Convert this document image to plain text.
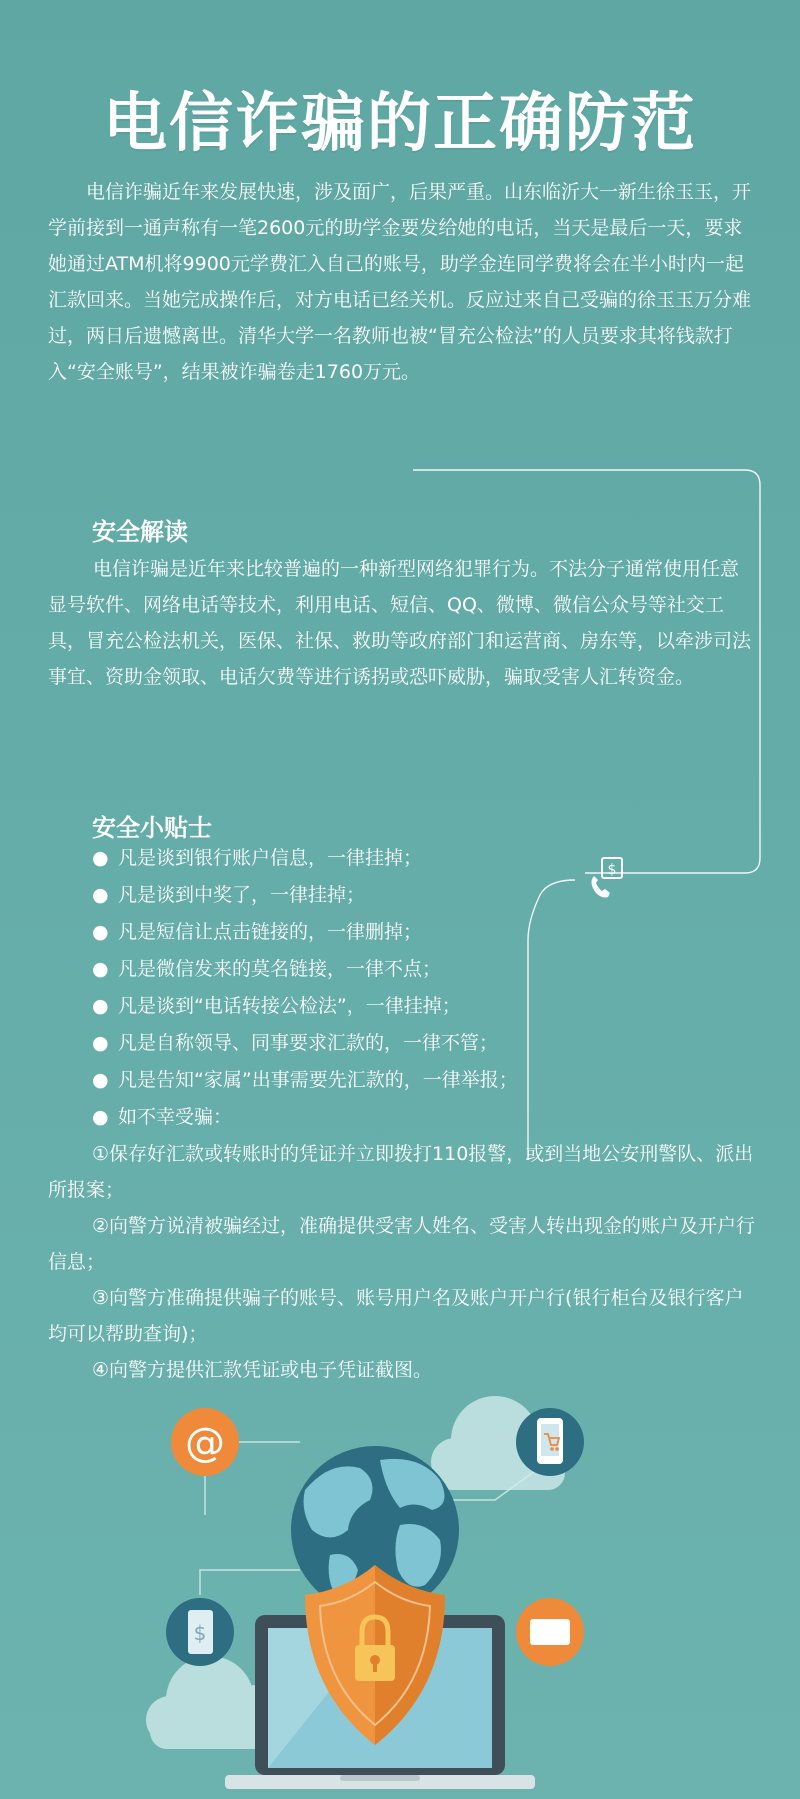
电信诈骗的正确防范

电信诈骗近年来发展快速，涉及面广，后果严重。山东临沂大一新生徐玉玉，开学前接到一通声称有一笔2600元的助学金要发给她的电话，当天是最后一天，要求她通过ATM机将9900元学费汇入自己的账号，助学金连同学费将会在半小时内一起汇款回来。当她完成操作后，对方电话已经关机。反应过来自己受骗的徐玉玉万分难过，两日后遗憾离世。清华大学一名教师也被“冒充公检法”的人员要求其将钱款打入“安全账号”，结果被诈骗卷走1760万元。

$
安全解读

电信诈骗是近年来比较普遍的一种新型网络犯罪行为。不法分子通常使用任意显号软件、网络电话等技术，利用电话、短信、QQ、微博、微信公众号等社交工具，冒充公检法机关，医保、社保、救助等政府部门和运营商、房东等，以牵涉司法事宜、资助金领取、电话欠费等进行诱拐或恐吓威胁，骗取受害人汇转资金。

安全小贴士
● 凡是谈到银行账户信息，一律挂掉；
● 凡是谈到中奖了，一律挂掉；
● 凡是短信让点击链接的，一律删掉；
● 凡是微信发来的莫名链接，一律不点；
● 凡是谈到“电话转接公检法”，一律挂掉；
● 凡是自称领导、同事要求汇款的，一律不管；
● 凡是告知“家属”出事需要先汇款的，一律举报；
● 如不幸受骗：
①保存好汇款或转账时的凭证并立即拨打110报警，或到当地公安刑警队、派出所报案；
②向警方说清被骗经过，准确提供受害人姓名、受害人转出现金的账户及开户行信息；
③向警方准确提供骗子的账号、账号用户名及账户开户行(银行柜台及银行客户均可以帮助查询)；
④向警方提供汇款凭证或电子凭证截图。
@
$
